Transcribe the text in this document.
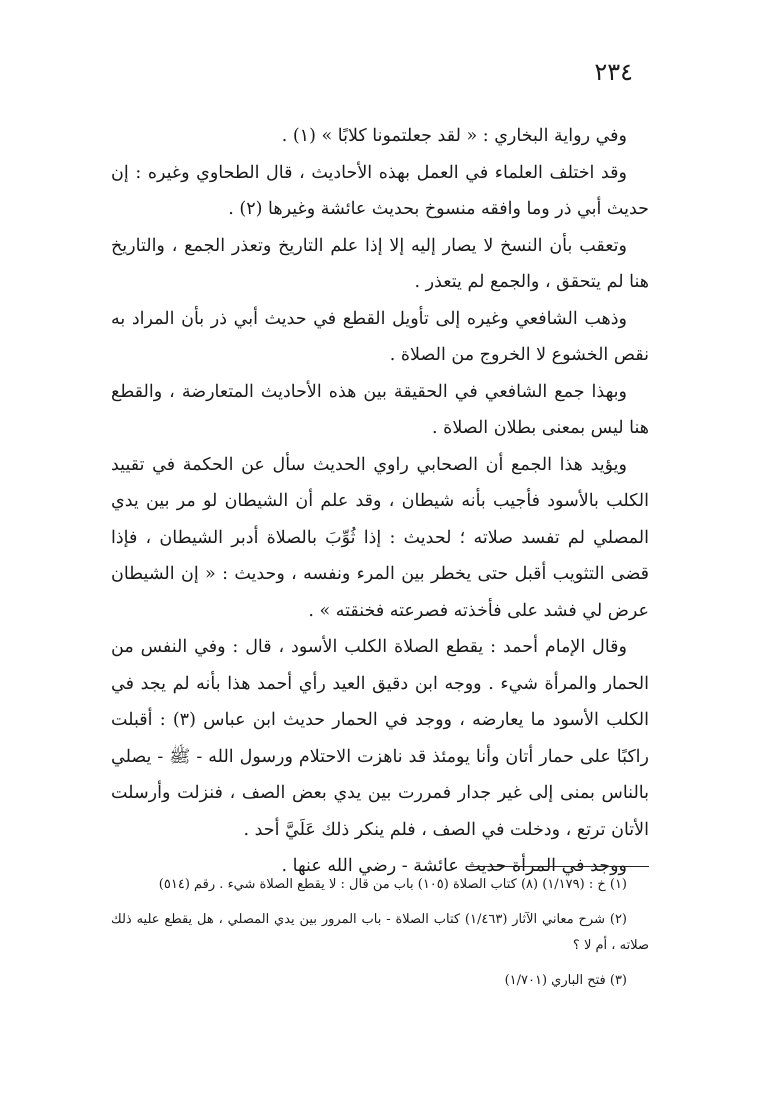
٢٣٤

وفي رواية البخاري : « لقد جعلتمونا كلابًا » (١) .

وقد اختلف العلماء في العمل بهذه الأحاديث ، قال الطحاوي وغيره : إن حديث أبي ذر وما وافقه منسوخ بحديث عائشة وغيرها (٢) .

وتعقب بأن النسخ لا يصار إليه إلا إذا علم التاريخ وتعذر الجمع ، والتاريخ هنا لم يتحقق ، والجمع لم يتعذر .

وذهب الشافعي وغيره إلى تأويل القطع في حديث أبي ذر بأن المراد به نقص الخشوع لا الخروج من الصلاة .

وبهذا جمع الشافعي في الحقيقة بين هذه الأحاديث المتعارضة ، والقطع هنا ليس بمعنى بطلان الصلاة .

ويؤيد هذا الجمع أن الصحابي راوي الحديث سأل عن الحكمة في تقييد الكلب بالأسود فأجيب بأنه شيطان ، وقد علم أن الشيطان لو مر بين يدي المصلي لم تفسد صلاته ؛ لحديث : إذا ثُوِّبَ بالصلاة أدبر الشيطان ، فإذا قضى التثويب أقبل حتى يخطر بين المرء ونفسه ، وحديث : « إن الشيطان عرض لي فشد على فأخذته فصرعته فخنقته » .

وقال الإمام أحمد : يقطع الصلاة الكلب الأسود ، قال : وفي النفس من الحمار والمرأة شيء . ووجه ابن دقيق العيد رأي أحمد هذا بأنه لم يجد في الكلب الأسود ما يعارضه ، ووجد في الحمار حديث ابن عباس (٣) : أقبلت راكبًا على حمار أتان وأنا يومئذ قد ناهزت الاحتلام ورسول الله - ﷺ - يصلي بالناس بمنى إلى غير جدار فمررت بين يدي بعض الصف ، فنزلت وأرسلت الأتان ترتع ، ودخلت في الصف ، فلم ينكر ذلك عَلَيَّ أحد .

ووجد في المرأة حديث عائشة - رضي الله عنها .

(١) خ : (١/١٧٩) (٨) كتاب الصلاة (١٠٥) باب من قال : لا يقطع الصلاة شيء . رقم (٥١٤)

(٢) شرح معاني الآثار (١/٤٦٣) كتاب الصلاة - باب المرور بين يدي المصلي ، هل يقطع عليه ذلك صلاته ، أم لا ؟

(٣) فتح الباري (١/٧٠١)
